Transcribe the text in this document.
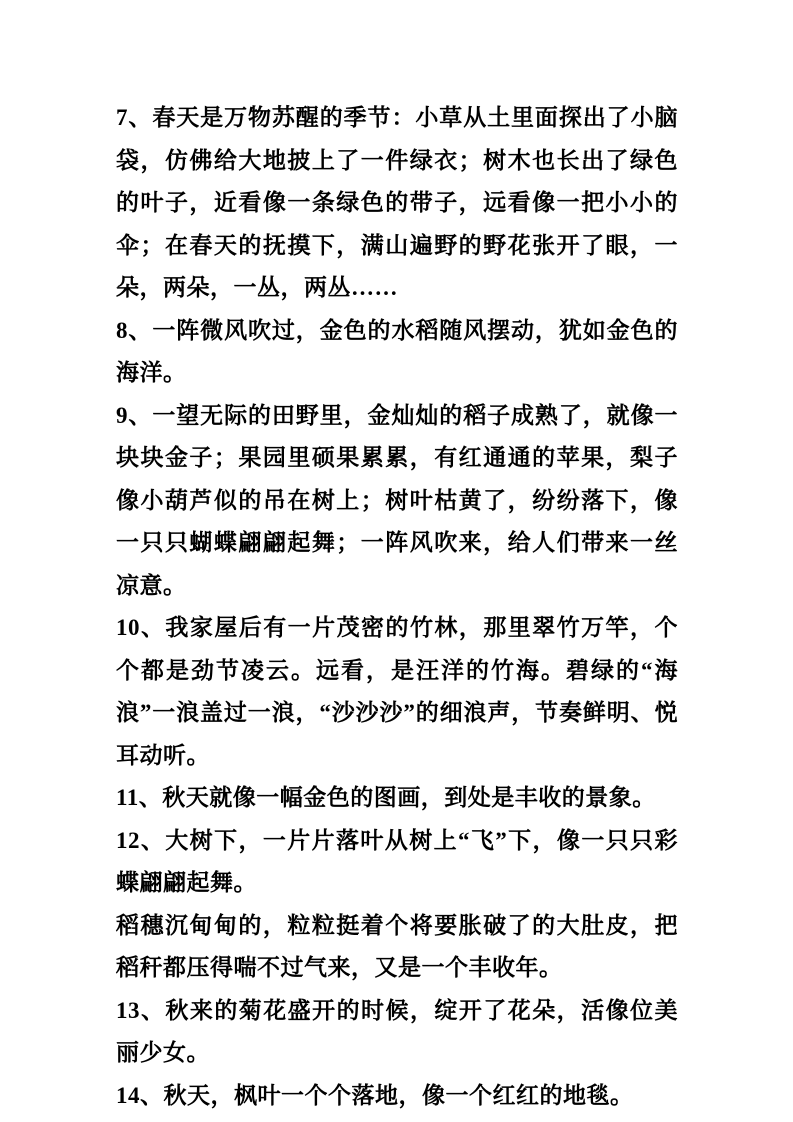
7、春天是万物苏醒的季节：小草从土里面探出了小脑袋，仿佛给大地披上了一件绿衣；树木也长出了绿色的叶子，近看像一条绿色的带子，远看像一把小小的伞；在春天的抚摸下，满山遍野的野花张开了眼，一朵，两朵，一丛，两丛……

8、一阵微风吹过，金色的水稻随风摆动，犹如金色的海洋。

9、一望无际的田野里，金灿灿的稻子成熟了，就像一块块金子；果园里硕果累累，有红通通的苹果，梨子像小葫芦似的吊在树上；树叶枯黄了，纷纷落下，像一只只蝴蝶翩翩起舞；一阵风吹来，给人们带来一丝凉意。

10、我家屋后有一片茂密的竹林，那里翠竹万竿，个个都是劲节凌云。远看，是汪洋的竹海。碧绿的“海浪”一浪盖过一浪，“沙沙沙”的细浪声，节奏鲜明、悦耳动听。

11、秋天就像一幅金色的图画，到处是丰收的景象。

12、大树下，一片片落叶从树上“飞”下，像一只只彩蝶翩翩起舞。

稻穗沉甸甸的，粒粒挺着个将要胀破了的大肚皮，把稻秆都压得喘不过气来，又是一个丰收年。

13、秋来的菊花盛开的时候，绽开了花朵，活像位美丽少女。

14、秋天，枫叶一个个落地，像一个红红的地毯。
